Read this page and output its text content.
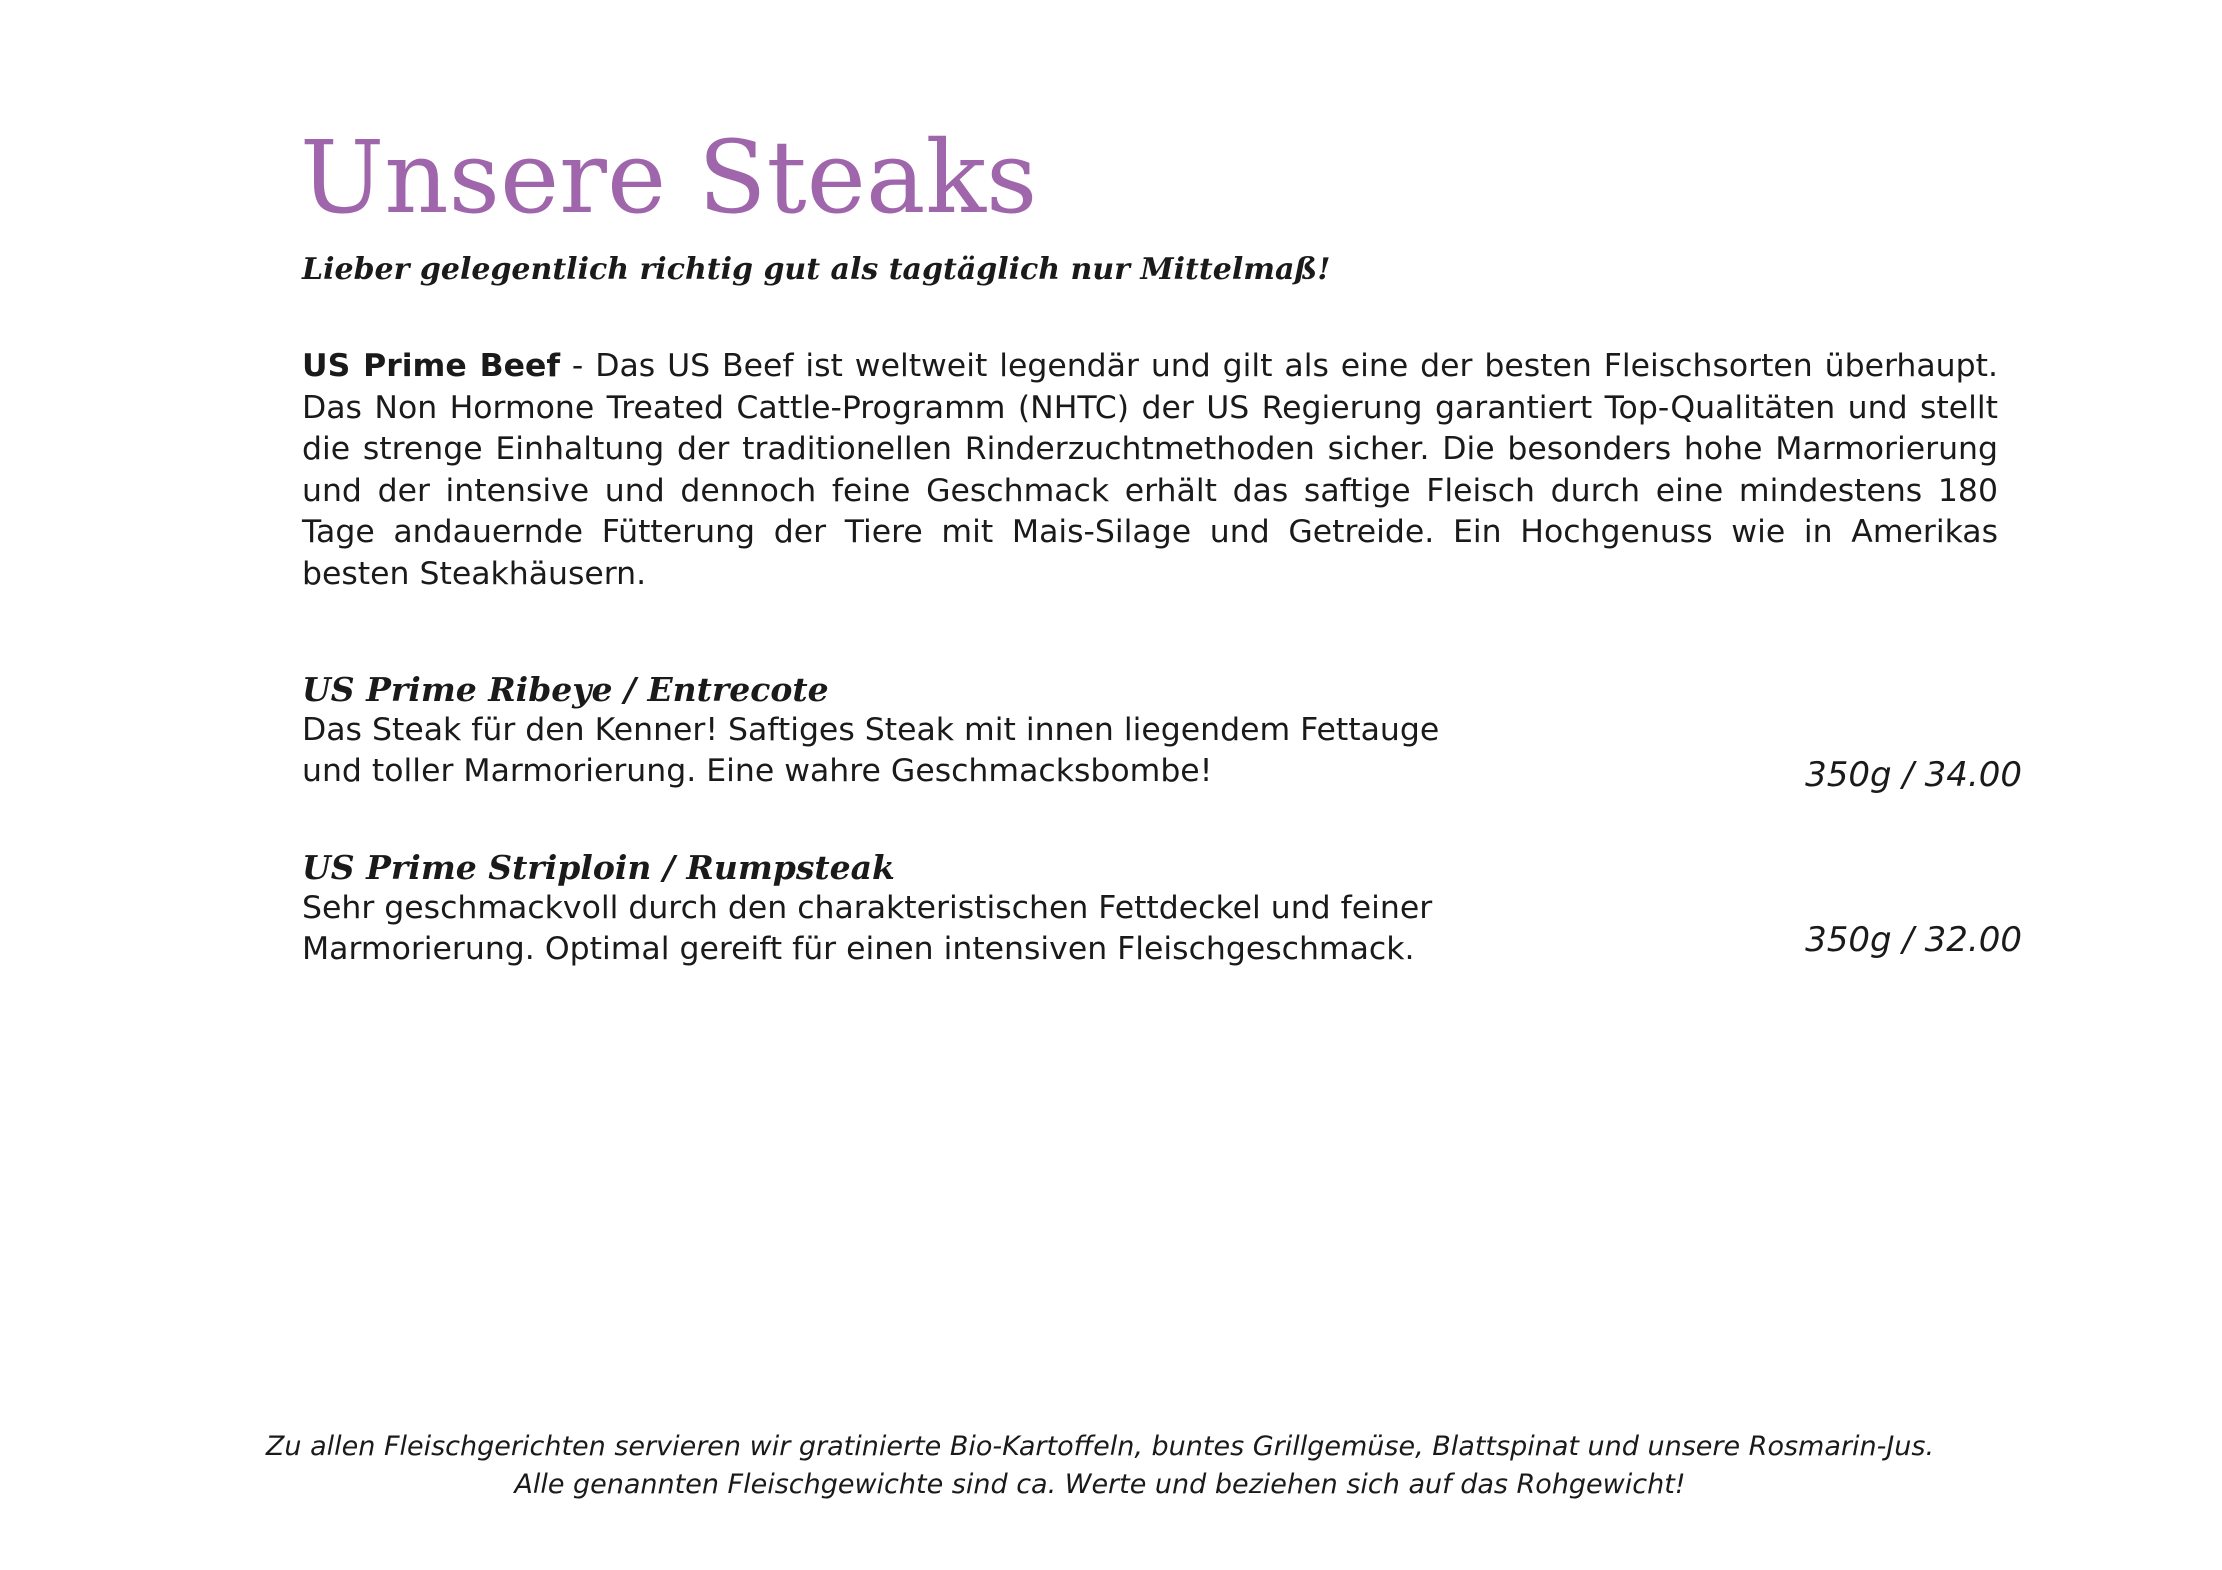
Unsere Steaks
Lieber gelegentlich richtig gut als tagtäglich nur Mittelmaß!

US Prime Beef - Das US Beef ist weltweit legendär und gilt als eine der besten Fleischsorten überhaupt. Das Non Hormone Treated Cattle-Programm (NHTC) der US Regierung garantiert Top-Qualitäten und stellt die strenge Einhaltung der traditionellen Rinderzuchtmethoden sicher. Die besonders hohe Marmorierung und der intensive und dennoch feine Geschmack erhält das saftige Fleisch durch eine mindestens 180 Tage andauernde Fütterung der Tiere mit Mais-Silage und Getreide. Ein Hochgenuss wie in Amerikas besten Steakhäusern.

US Prime Ribeye / Entrecote
Das Steak für den Kenner! Saftiges Steak mit innen liegendem Fettauge
und toller Marmorierung. Eine wahre Geschmacksbombe!	350g / 34.00
US Prime Striploin / Rumpsteak
Sehr geschmackvoll durch den charakteristischen Fettdeckel und feiner
Marmorierung. Optimal gereift für einen intensiven Fleischgeschmack.	350g / 32.00
Zu allen Fleischgerichten servieren wir gratinierte Bio-Kartoffeln, buntes Grillgemüse, Blattspinat und unsere Rosmarin-Jus.
Alle genannten Fleischgewichte sind ca. Werte und beziehen sich auf das Rohgewicht!
